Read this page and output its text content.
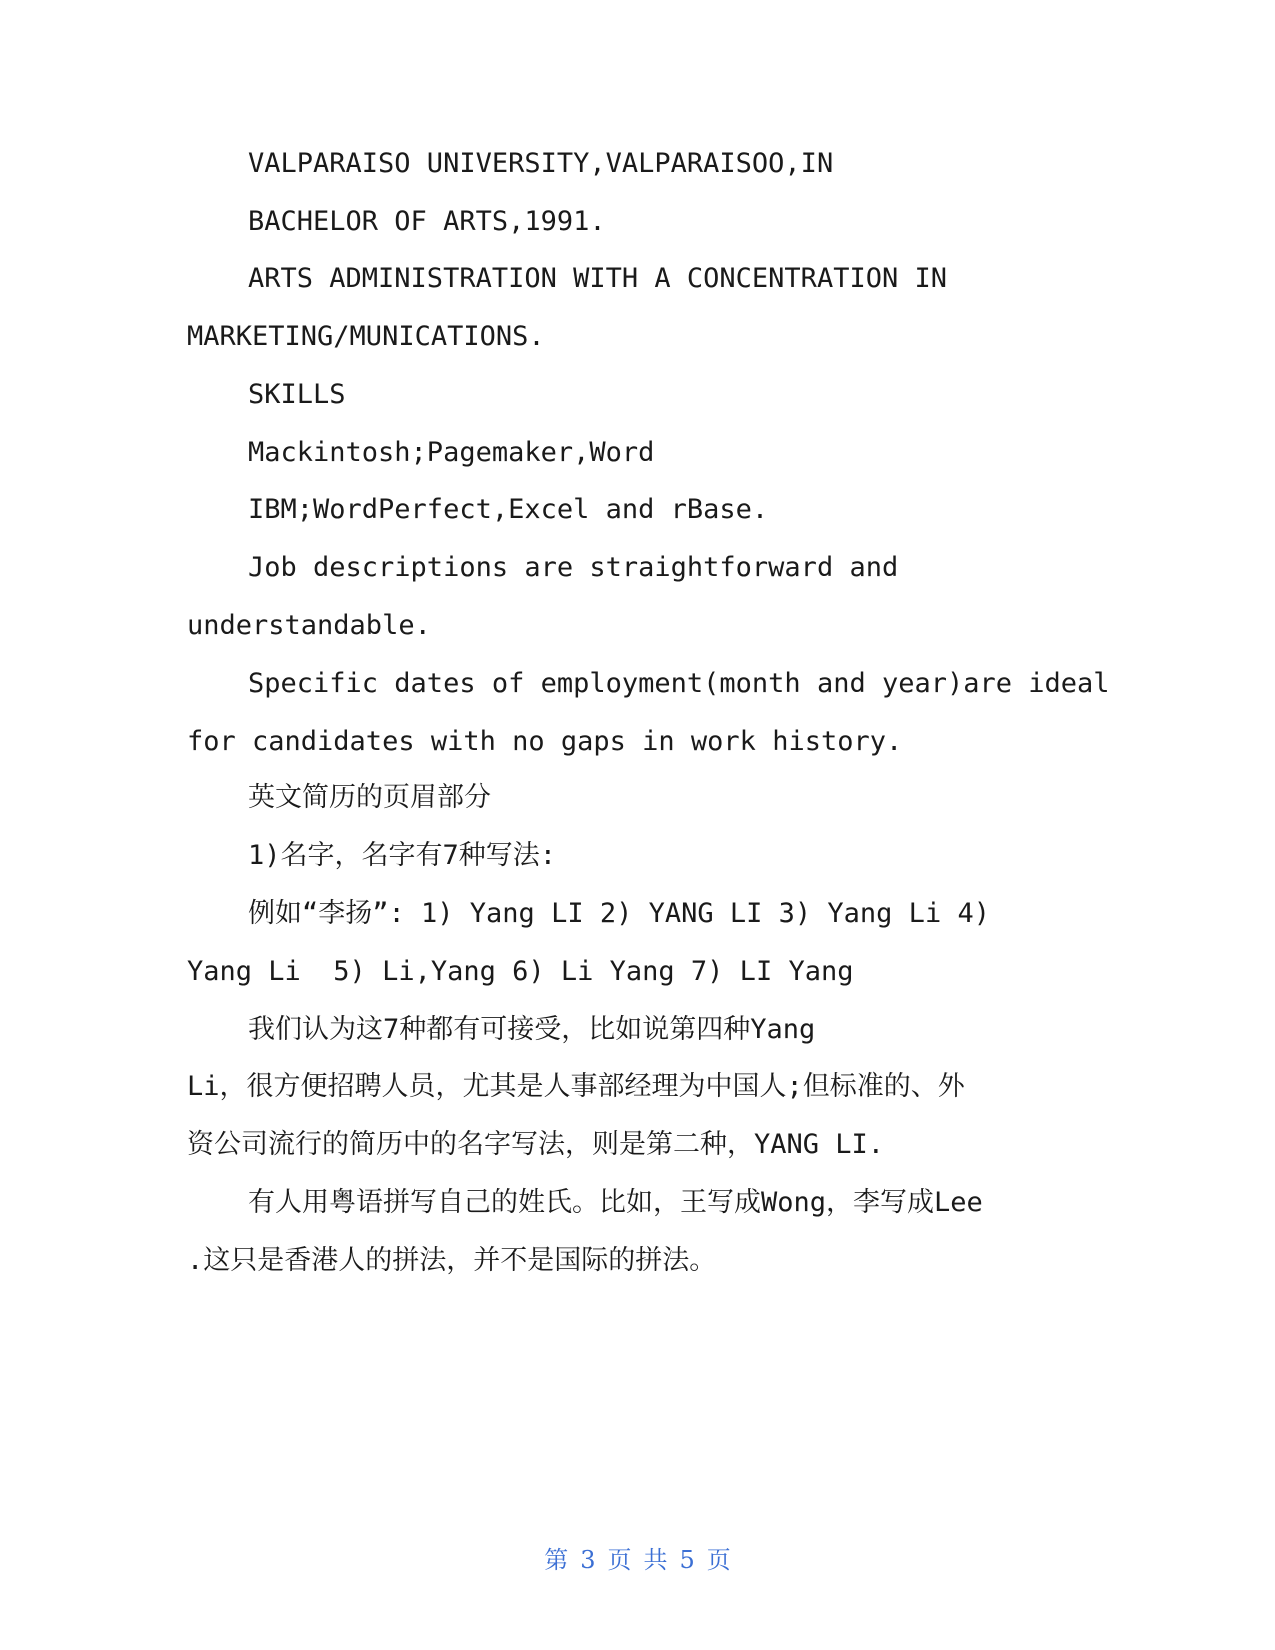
VALPARAISO UNIVERSITY,VALPARAISOO,IN
BACHELOR OF ARTS,1991.
ARTS ADMINISTRATION WITH A CONCENTRATION IN
MARKETING/MUNICATIONS.
SKILLS
Mackintosh;Pagemaker,Word
IBM;WordPerfect,Excel and rBase.
Job descriptions are straightforward and
understandable.
Specific dates of employment(month and year)are ideal
for candidates with no gaps in work history.
英文简历的页眉部分
1)名字，名字有7种写法:
例如“李扬”: 1) Yang LI 2) YANG LI 3) Yang Li 4)
Yang Li  5) Li,Yang 6) Li Yang 7) LI Yang
我们认为这7种都有可接受，比如说第四种Yang
Li，很方便招聘人员，尤其是人事部经理为中国人;但标准的、外
资公司流行的简历中的名字写法，则是第二种，YANG LI.
有人用粤语拼写自己的姓氏。比如，王写成Wong，李写成Lee
.这只是香港人的拼法，并不是国际的拼法。
第 3 页 共 5 页
